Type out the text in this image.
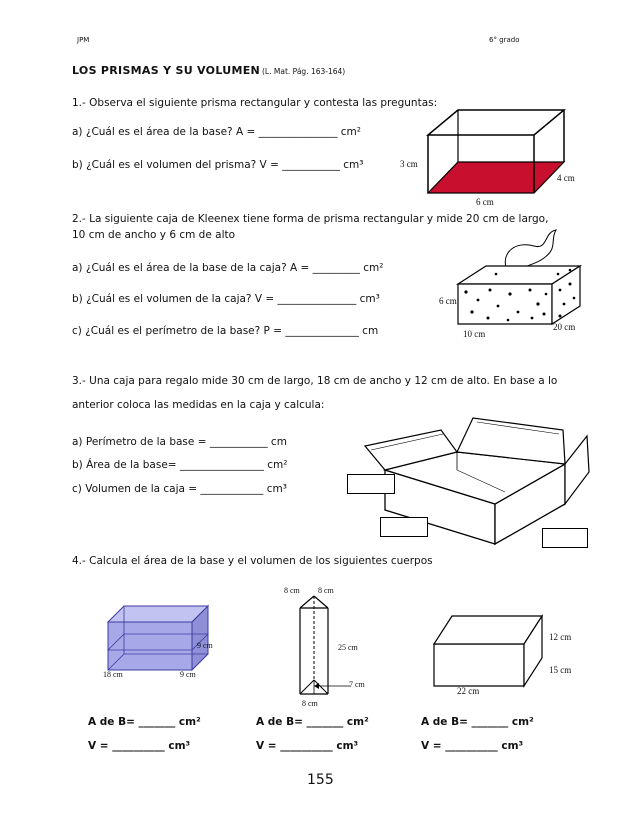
JPM	6° grado
LOS PRISMAS Y SU VOLUMEN (L. Mat. Pág. 163-164)
1.- Observa el siguiente prisma rectangular y contesta las preguntas:
a) ¿Cuál es el área de la base? A = _______________ cm²
b) ¿Cuál es el volumen del prisma? V = ___________ cm³	3 cm
4 cm
6 cm
2.- La siguiente caja de Kleenex tiene forma de prisma rectangular y mide 20 cm de largo,
10 cm de ancho y 6 cm de alto
a) ¿Cuál es el área de la base de la caja? A = _________ cm²
b) ¿Cuál es el volumen de la caja? V = _______________ cm³
c) ¿Cuál es el perímetro de la base? P = ______________ cm
6 cm
10 cm
20 cm
3.- Una caja para regalo mide 30 cm de largo, 18 cm de ancho y 12 cm de alto. En base a lo
anterior coloca las medidas en la caja y calcula:
a) Perímetro de la base = ___________ cm
b) Área de la base= ________________ cm²
c) Volumen de la caja = ____________ cm³
4.- Calcula el área de la base y el volumen de los siguientes cuerpos
9 cm
18 cm	9 cm
8 cm 8 cm
25 cm
7 cm
8 cm
12 cm
15 cm
22 cm
A de B= _______ cm²
V = __________ cm³
A de B= _______ cm²
V = __________ cm³
A de B= _______ cm²
V = __________ cm³
155
